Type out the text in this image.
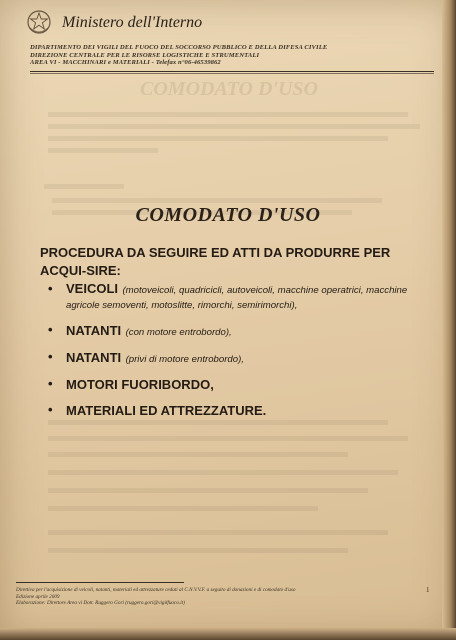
Ministero dell'Interno
DIPARTIMENTO DEI VIGILI DEL FUOCO DEL SOCCORSO PUBBLICO E DELLA DIFESA CIVILE
DIREZIONE CENTRALE PER LE RISORSE LOGISTICHE E STRUMENTALI
AREA VI - MACCHINARI e MATERIALI - Telefax n°06-46539862
COMODATO D'USO
COMODATO D'USO
PROCEDURA DA SEGUIRE ED ATTI DA PRODURRE PER ACQUI-SIRE:
• VEICOLI (motoveicoli, quadricicli, autoveicoli, macchine operatrici, macchine agricole semoventi, motoslitte, rimorchi, semirimorchi),
• NATANTI (con motore entrobordo),
• NATANTI (privi di motore entrobordo),
• MOTORI FUORIBORDO,
• MATERIALI ED ATTREZZATURE.
Direttiva per l'acquisizione di veicoli, natanti, materiali ed attrezzature ceduti al C.N.V.V.F. a seguito di donazioni e di comodato d'uso
Edizione aprile 2009
Elaborazione: Direttore Area vi Dott. Ruggero Gori (ruggero.gori@vigilfuoco.it)
1
